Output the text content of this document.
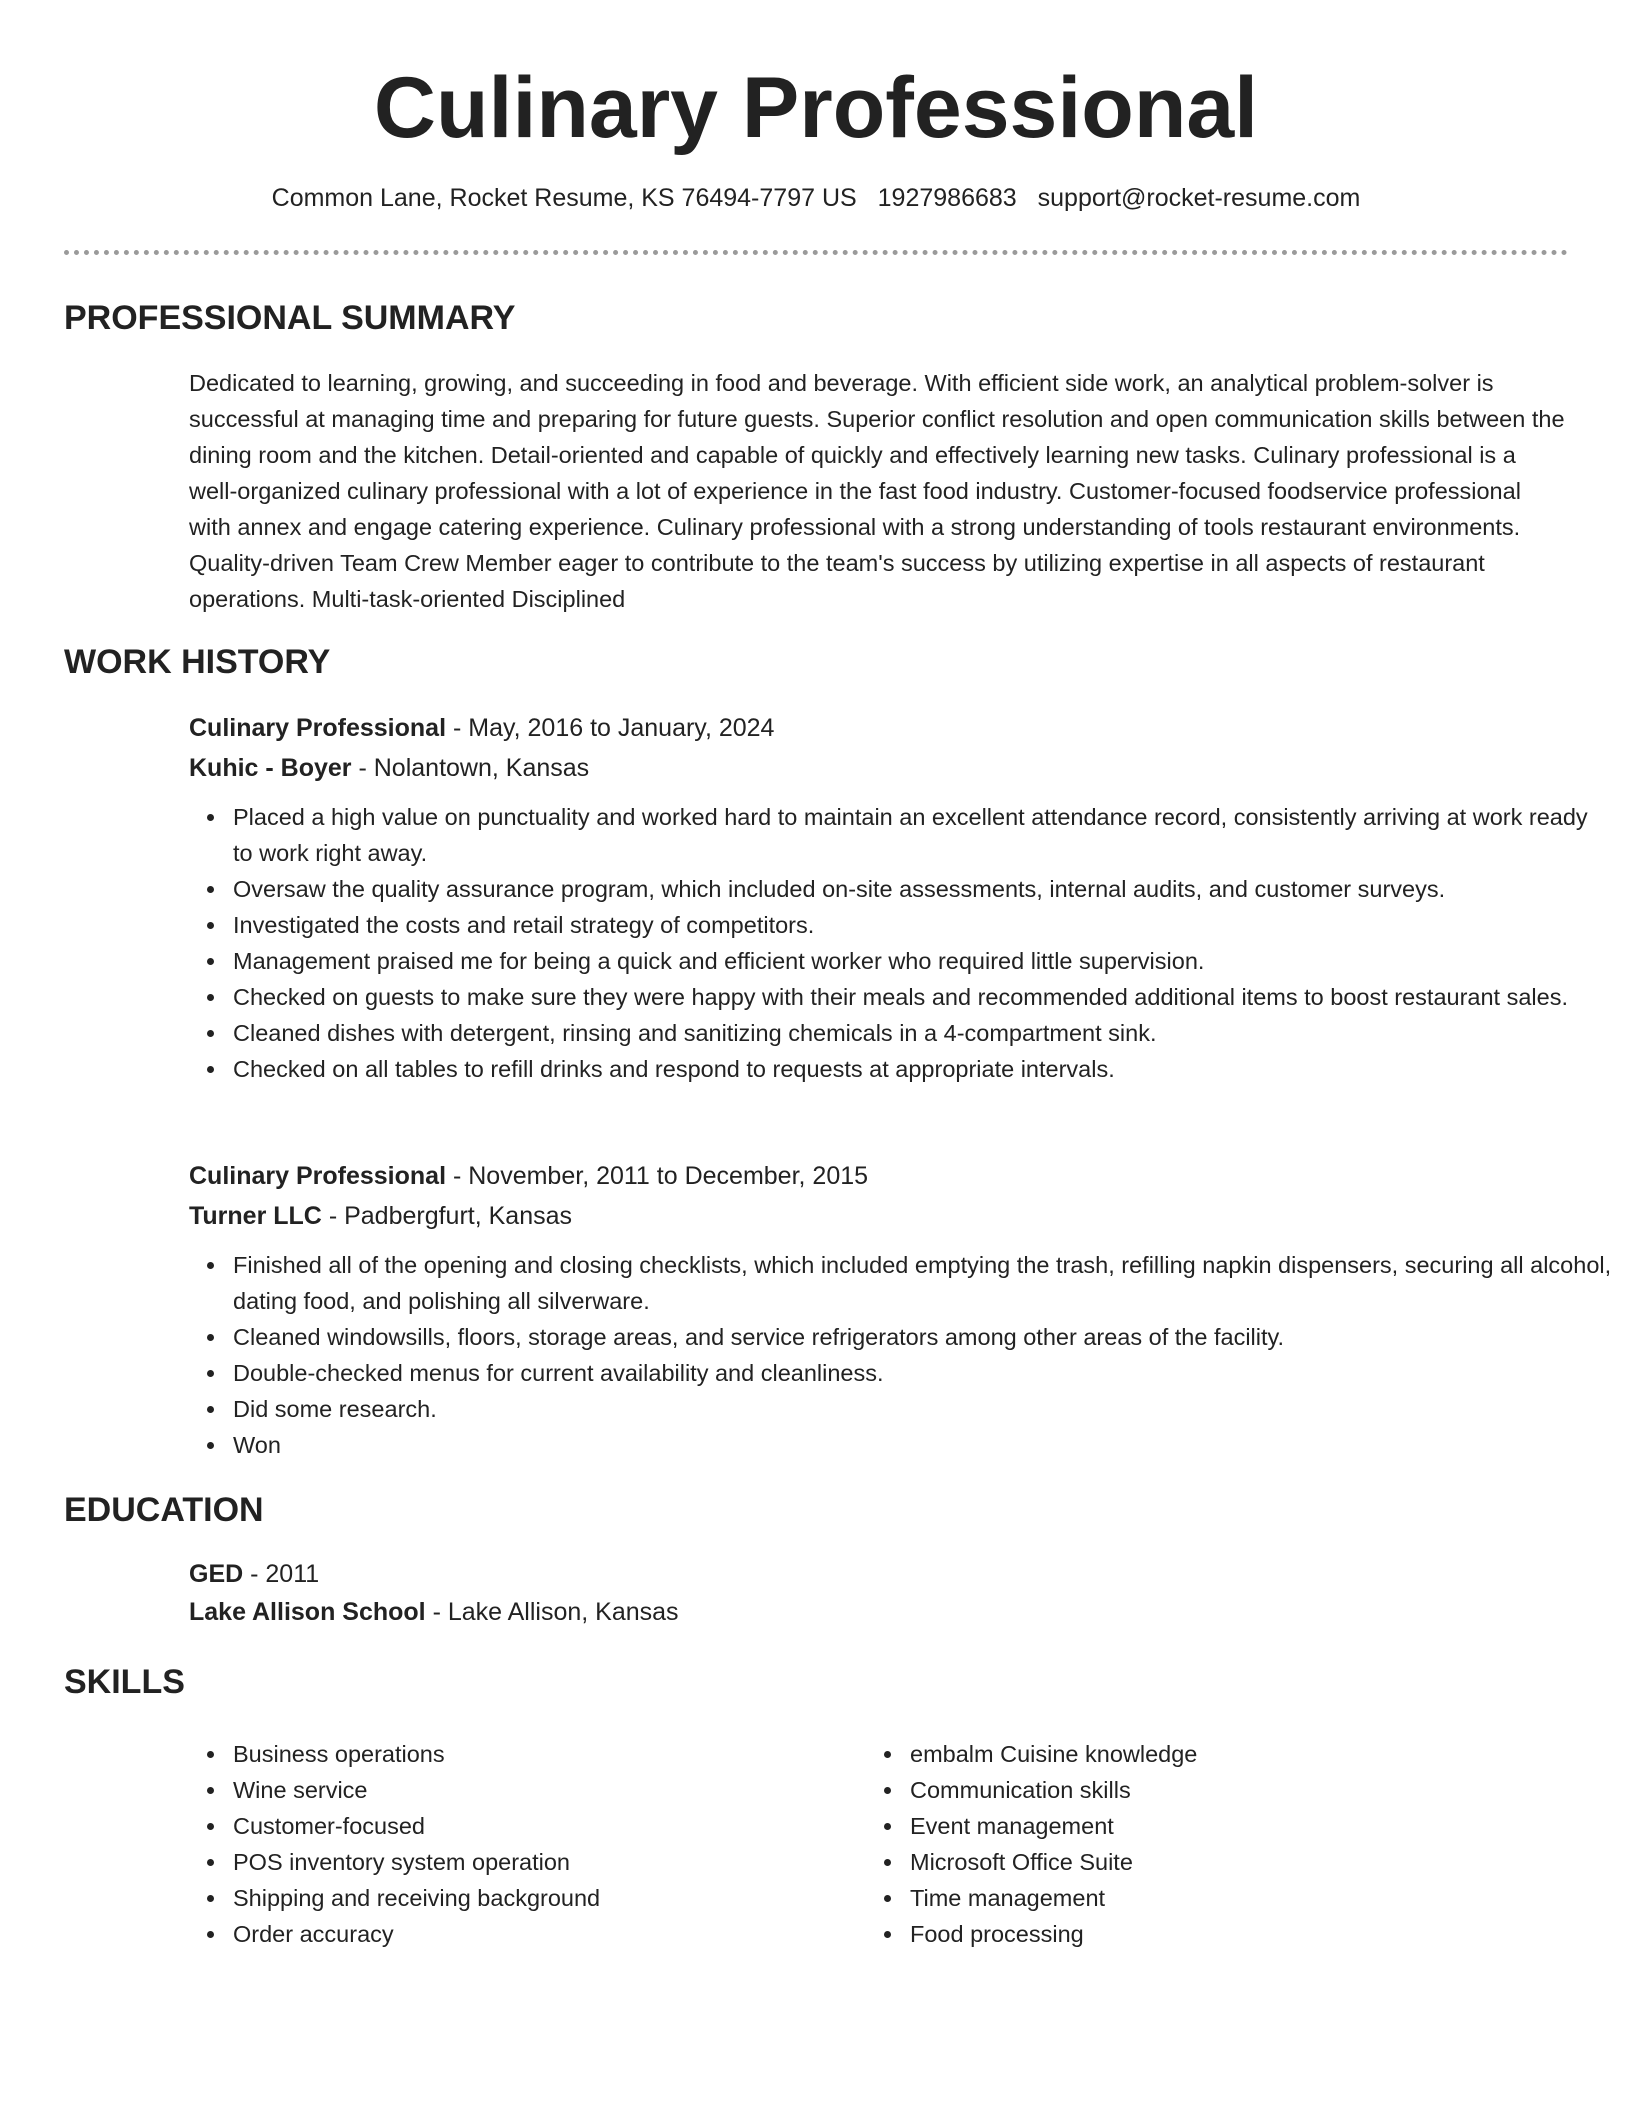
Culinary Professional
Common Lane, Rocket Resume, KS 76494-7797 US 1927986683 support@rocket-resume.com
PROFESSIONAL SUMMARY

Dedicated to learning, growing, and succeeding in food and beverage. With efficient side work, an analytical problem-solver is successful at managing time and preparing for future guests. Superior conflict resolution and open communication skills between the dining room and the kitchen. Detail-oriented and capable of quickly and effectively learning new tasks. Culinary professional is a well-organized culinary professional with a lot of experience in the fast food industry. Customer-focused foodservice professional with annex and engage catering experience. Culinary professional with a strong understanding of tools restaurant environments. Quality-driven Team Crew Member eager to contribute to the team's success by utilizing expertise in all aspects of restaurant operations. Multi-task-oriented Disciplined

WORK HISTORY
Culinary Professional - May, 2016 to January, 2024
Kuhic - Boyer - Nolantown, Kansas
Placed a high value on punctuality and worked hard to maintain an excellent attendance record, consistently arriving at work ready to work right away.
Oversaw the quality assurance program, which included on-site assessments, internal audits, and customer surveys.
Investigated the costs and retail strategy of competitors.
Management praised me for being a quick and efficient worker who required little supervision.
Checked on guests to make sure they were happy with their meals and recommended additional items to boost restaurant sales.
Cleaned dishes with detergent, rinsing and sanitizing chemicals in a 4-compartment sink.
Checked on all tables to refill drinks and respond to requests at appropriate intervals.
Culinary Professional - November, 2011 to December, 2015
Turner LLC - Padbergfurt, Kansas
Finished all of the opening and closing checklists, which included emptying the trash, refilling napkin dispensers, securing all alcohol, dating food, and polishing all silverware.
Cleaned windowsills, floors, storage areas, and service refrigerators among other areas of the facility.
Double-checked menus for current availability and cleanliness.
Did some research.
Won
EDUCATION
GED - 2011
Lake Allison School - Lake Allison, Kansas
SKILLS
Business operations
Wine service
Customer-focused
POS inventory system operation
Shipping and receiving background
Order accuracy
embalm Cuisine knowledge
Communication skills
Event management
Microsoft Office Suite
Time management
Food processing
